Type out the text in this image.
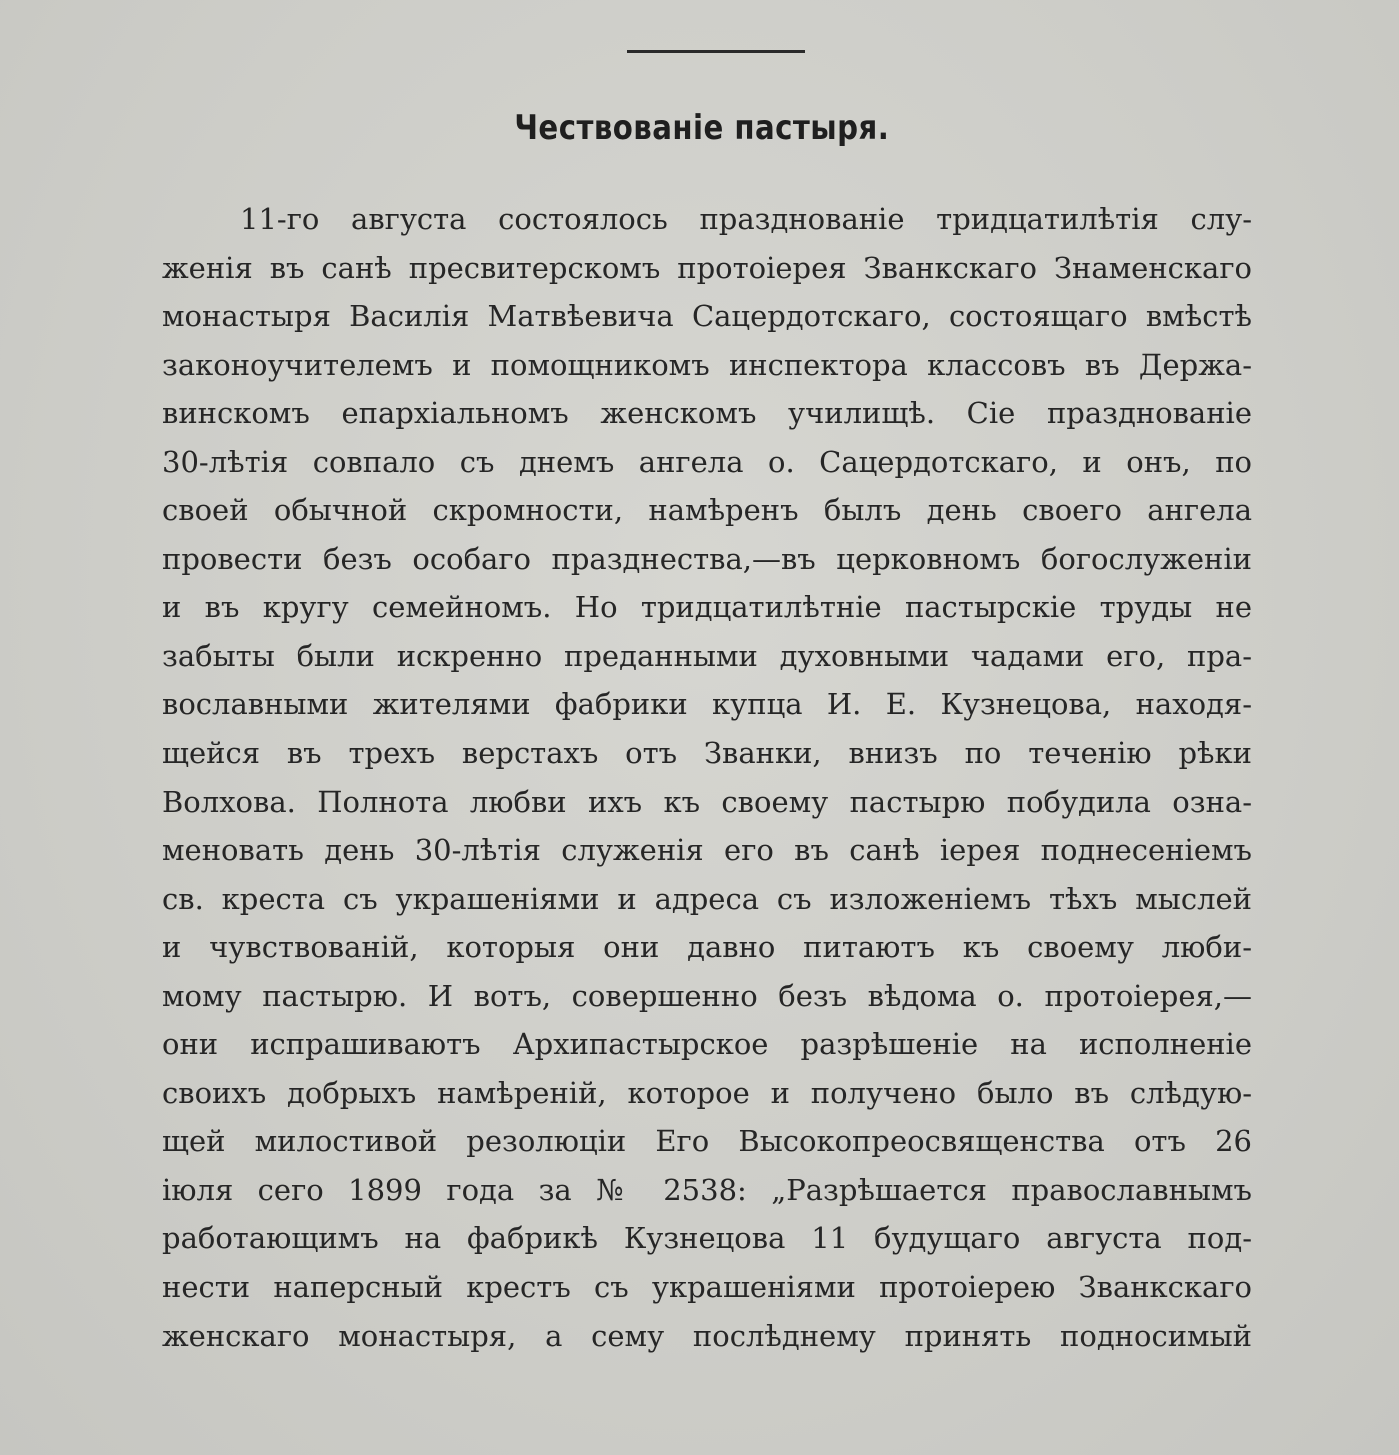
Чествованіе пастыря.
11-го августа состоялось празднованіе тридцатилѣтія слу-
женія въ санѣ пресвитерскомъ протоіерея Званкскаго Знаменскаго
монастыря Василія Матвѣевича Сацердотскаго, состоящаго вмѣстѣ
законоучителемъ и помощникомъ инспектора классовъ въ Держа-
винскомъ епархіальномъ женскомъ училищѣ. Сіе празднованіе
30-лѣтія совпало съ днемъ ангела о. Сацердотскаго, и онъ, по
своей обычной скромности, намѣренъ былъ день своего ангела
провести безъ особаго празднества,—въ церковномъ богослуженіи
и въ кругу семейномъ. Но тридцатилѣтніе пастырскіе труды не
забыты были искренно преданными духовными чадами его, пра-
вославными жителями фабрики купца И. Е. Кузнецова, находя-
щейся въ трехъ верстахъ отъ Званки, внизъ по теченію рѣки
Волхова. Полнота любви ихъ къ своему пастырю побудила озна-
меновать день 30-лѣтія служенія его въ санѣ іерея поднесеніемъ
св. креста съ украшеніями и адреса съ изложеніемъ тѣхъ мыслей
и чувствованій, которыя они давно питаютъ къ своему люби-
мому пастырю. И вотъ, совершенно безъ вѣдома о. протоіерея,—
они испрашиваютъ Архипастырское разрѣшеніе на исполненіе
своихъ добрыхъ намѣреній, которое и получено было въ слѣдую-
щей милостивой резолюціи Его Высокопреосвященства отъ 26
іюля сего 1899 года за № 2538: „Разрѣшается православнымъ
работающимъ на фабрикѣ Кузнецова 11 будущаго августа под-
нести наперсный крестъ съ украшеніями протоіерею Званкскаго
женскаго монастыря, а сему послѣднему принять подносимый
